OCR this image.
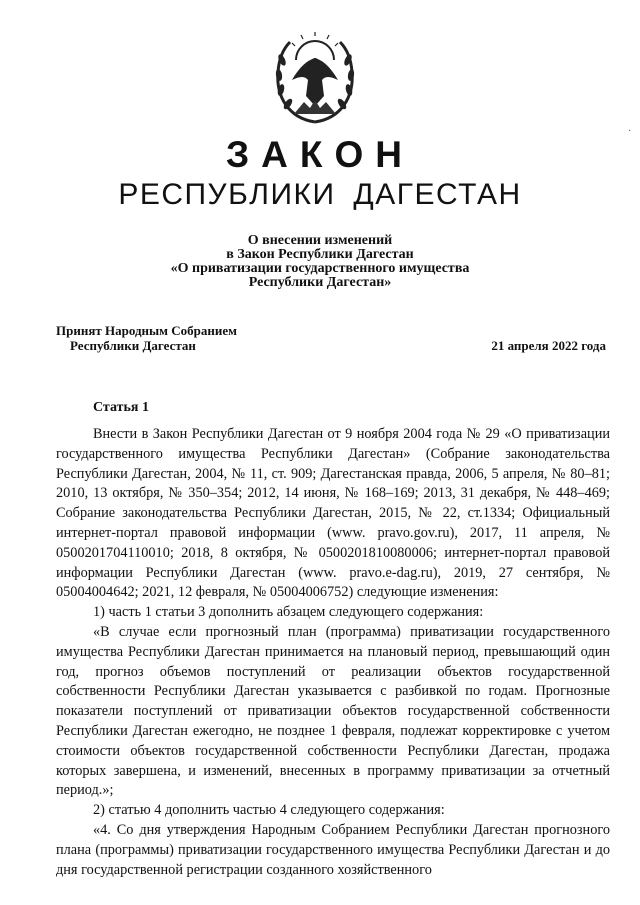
·
ЗАКОН
РЕСПУБЛИКИ ДАГЕСТАН
О внесении изменений
в Закон Республики Дагестан
«О приватизации государственного имущества
Республики Дагестан»
Принят Народным Собранием
Республики Дагестан	21 апреля 2022 года
Статья 1

Внести в Закон Республики Дагестан от 9 ноября 2004 года № 29 «О приватизации государственного имущества Республики Дагестан» (Собрание законодательства Республики Дагестан, 2004, № 11, ст. 909; Дагестанская правда, 2006, 5 апреля, № 80–81; 2010, 13 октября, № 350–354; 2012, 14 июня, № 168–169; 2013, 31 декабря, № 448–469; Собрание законодательства Республики Дагестан, 2015, № 22, ст.1334; Официальный интернет-портал правовой информации (www. pravo.gov.ru), 2017, 11 апреля, № 0500201704110010; 2018, 8 октября, № 0500201810080006; интернет-портал правовой информации Республики Дагестан (www. pravo.e-dag.ru), 2019, 27 сентября, № 05004004642; 2021, 12 февраля, № 05004006752) следующие изменения:

1) часть 1 статьи 3 дополнить абзацем следующего содержания:

«В случае если прогнозный план (программа) приватизации государственного имущества Республики Дагестан принимается на плановый период, превышающий один год, прогноз объемов поступлений от реализации объектов государственной собственности Республики Дагестан указывается с разбивкой по годам. Прогнозные показатели поступлений от приватизации объектов государственной собственности Республики Дагестан ежегодно, не позднее 1 февраля, подлежат корректировке с учетом стоимости объектов государственной собственности Республики Дагестан, продажа которых завершена, и изменений, внесенных в программу приватизации за отчетный период.»;

2) статью 4 дополнить частью 4 следующего содержания:

«4. Со дня утверждения Народным Собранием Республики Дагестан прогнозного плана (программы) приватизации государственного имущества Республики Дагестан и до дня государственной регистрации созданного хозяйственного
